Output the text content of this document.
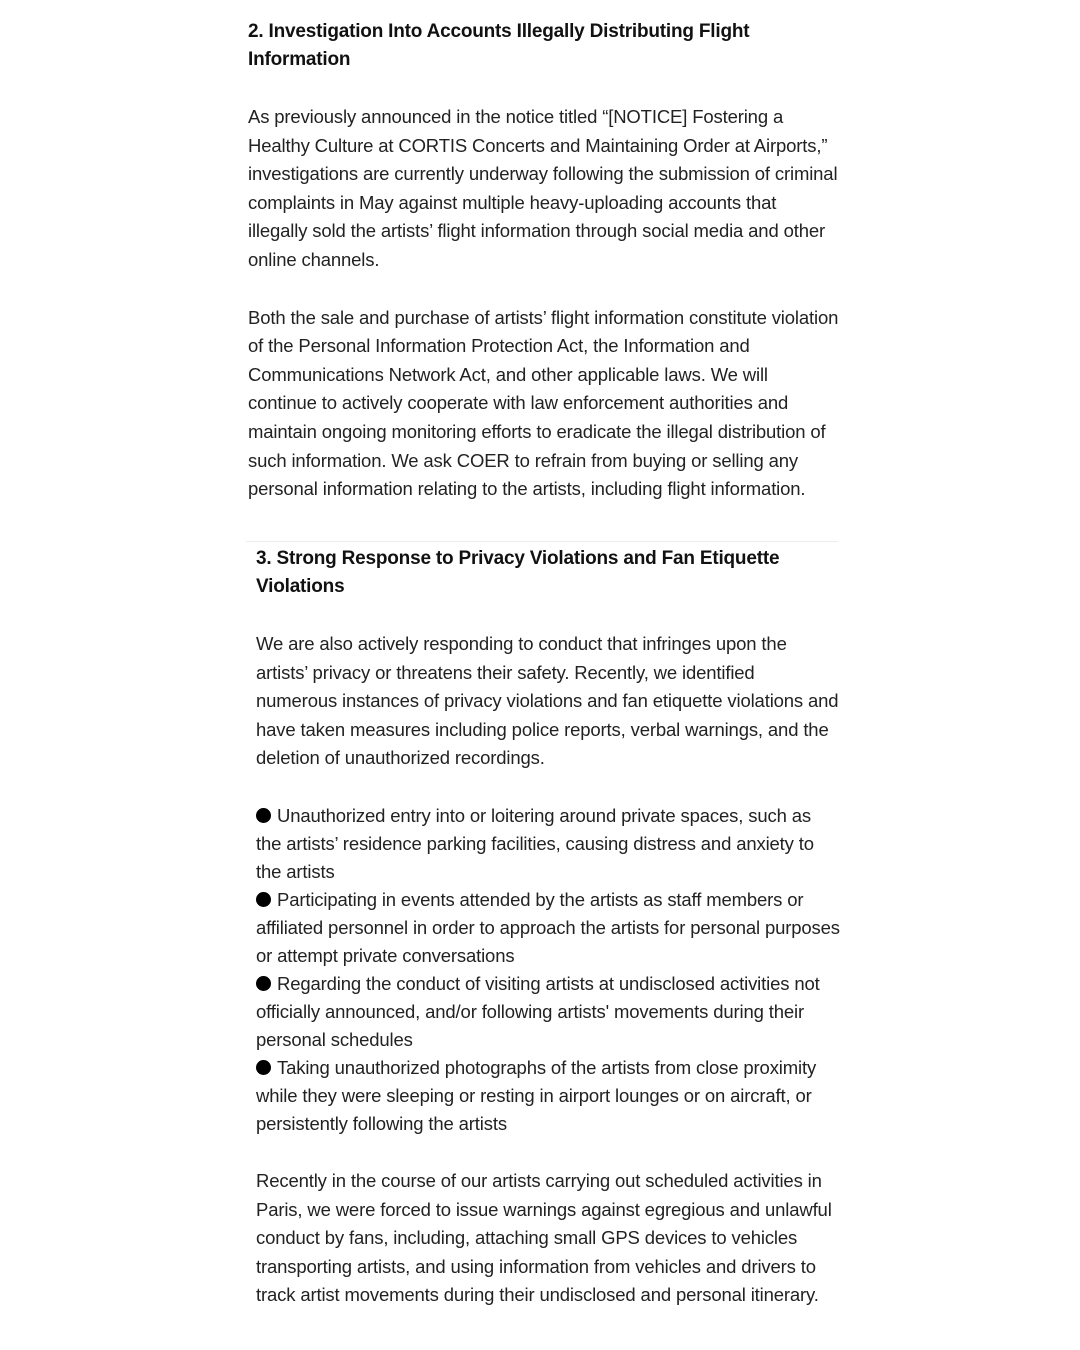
2. Investigation Into Accounts Illegally Distributing Flight Information

As previously announced in the notice titled “[NOTICE] Fostering a Healthy Culture at CORTIS Concerts and Maintaining Order at Airports,” investigations are currently underway following the submission of criminal complaints in May against multiple heavy-uploading accounts that illegally sold the artists’ flight information through social media and other online channels.

Both the sale and purchase of artists’ flight information constitute violation of the Personal Information Protection Act, the Information and Communications Network Act, and other applicable laws. We will continue to actively cooperate with law enforcement authorities and maintain ongoing monitoring efforts to eradicate the illegal distribution of such information. We ask COER to refrain from buying or selling any personal information relating to the artists, including flight information.

3. Strong Response to Privacy Violations and Fan Etiquette Violations

We are also actively responding to conduct that infringes upon the artists’ privacy or threatens their safety. Recently, we identified numerous instances of privacy violations and fan etiquette violations and have taken measures including police reports, verbal warnings, and the deletion of unauthorized recordings.

Unauthorized entry into or loitering around private spaces, such as the artists’ residence parking facilities, causing distress and anxiety to the artists
Participating in events attended by the artists as staff members or affiliated personnel in order to approach the artists for personal purposes or attempt private conversations
Regarding the conduct of visiting artists at undisclosed activities not officially announced, and/or following artists' movements during their personal schedules
Taking unauthorized photographs of the artists from close proximity while they were sleeping or resting in airport lounges or on aircraft, or persistently following the artists

Recently in the course of our artists carrying out scheduled activities in Paris, we were forced to issue warnings against egregious and unlawful conduct by fans, including, attaching small GPS devices to vehicles transporting artists, and using information from vehicles and drivers to track artist movements during their undisclosed and personal itinerary.
